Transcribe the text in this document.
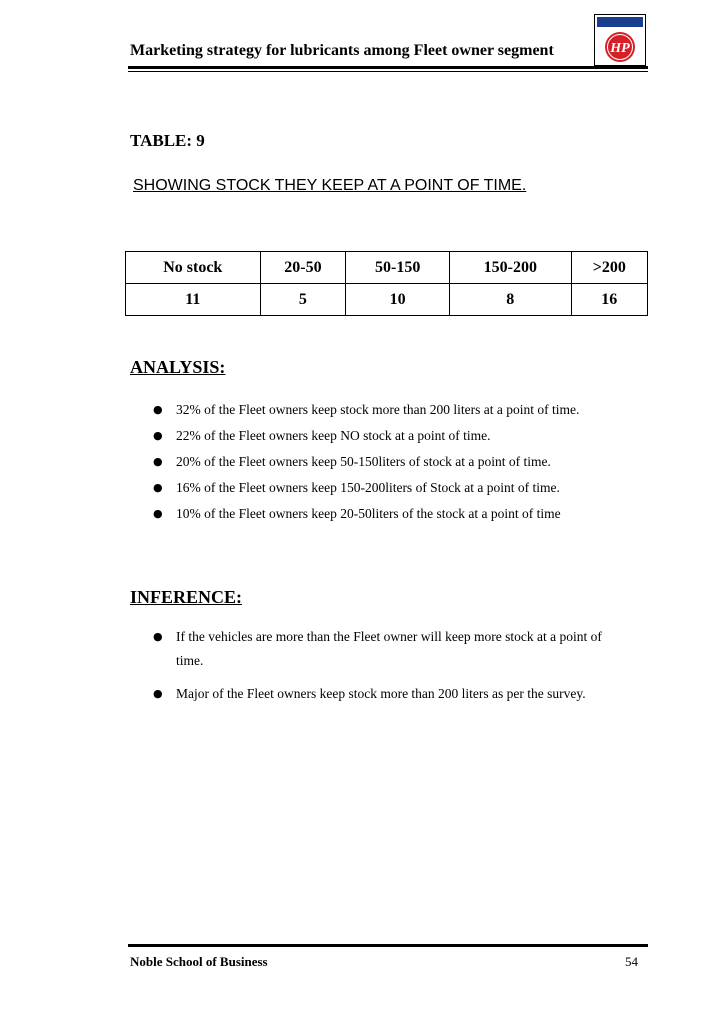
Marketing strategy for lubricants among Fleet owner segment	HP
TABLE: 9
SHOWING STOCK THEY KEEP AT A POINT OF TIME.
No stock	20-50	50-150	150-200	>200
11	5	10	8	16
ANALYSIS:
● 32% of the Fleet owners keep stock more than 200 liters at a point of time.
● 22% of the Fleet owners keep NO stock at a point of time.
● 20% of the Fleet owners keep 50-150liters of stock at a point of time.
● 16% of the Fleet owners keep 150-200liters of Stock at a point of time.
● 10% of the Fleet owners keep 20-50liters of the stock at a point of time
INFERENCE:
● If the vehicles are more than the Fleet owner will keep more stock at a point of time.
● Major of the Fleet owners keep stock more than 200 liters as per the survey.
Noble School of Business	54
